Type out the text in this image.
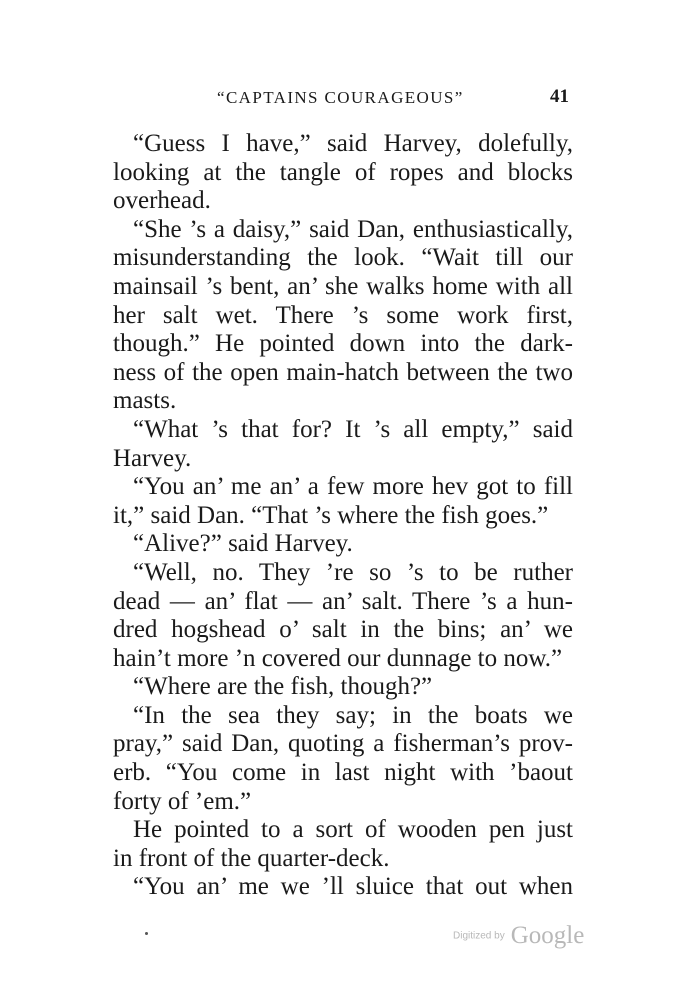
“CAPTAINS COURAGEOUS”	41
“Guess I have,” said Harvey, dolefully,
looking at the tangle of ropes and blocks
overhead.
“She ’s a daisy,” said Dan, enthusiastically,
misunderstanding the look. “Wait till our
mainsail ’s bent, an’ she walks home with all
her salt wet. There ’s some work first,
though.” He pointed down into the dark-
ness of the open main-hatch between the two
masts.
“What ’s that for? It ’s all empty,” said
Harvey.
“You an’ me an’ a few more hev got to fill
it,” said Dan. “That ’s where the fish goes.”
“Alive?” said Harvey.
“Well, no. They ’re so ’s to be ruther
dead — an’ flat — an’ salt. There ’s a hun-
dred hogshead o’ salt in the bins; an’ we
hain’t more ’n covered our dunnage to now.”
“Where are the fish, though?”
“In the sea they say; in the boats we
pray,” said Dan, quoting a fisherman’s prov-
erb. “You come in last night with ’baout
forty of ’em.”
He pointed to a sort of wooden pen just
in front of the quarter-deck.
“You an’ me we ’ll sluice that out when
Digitized by Google
